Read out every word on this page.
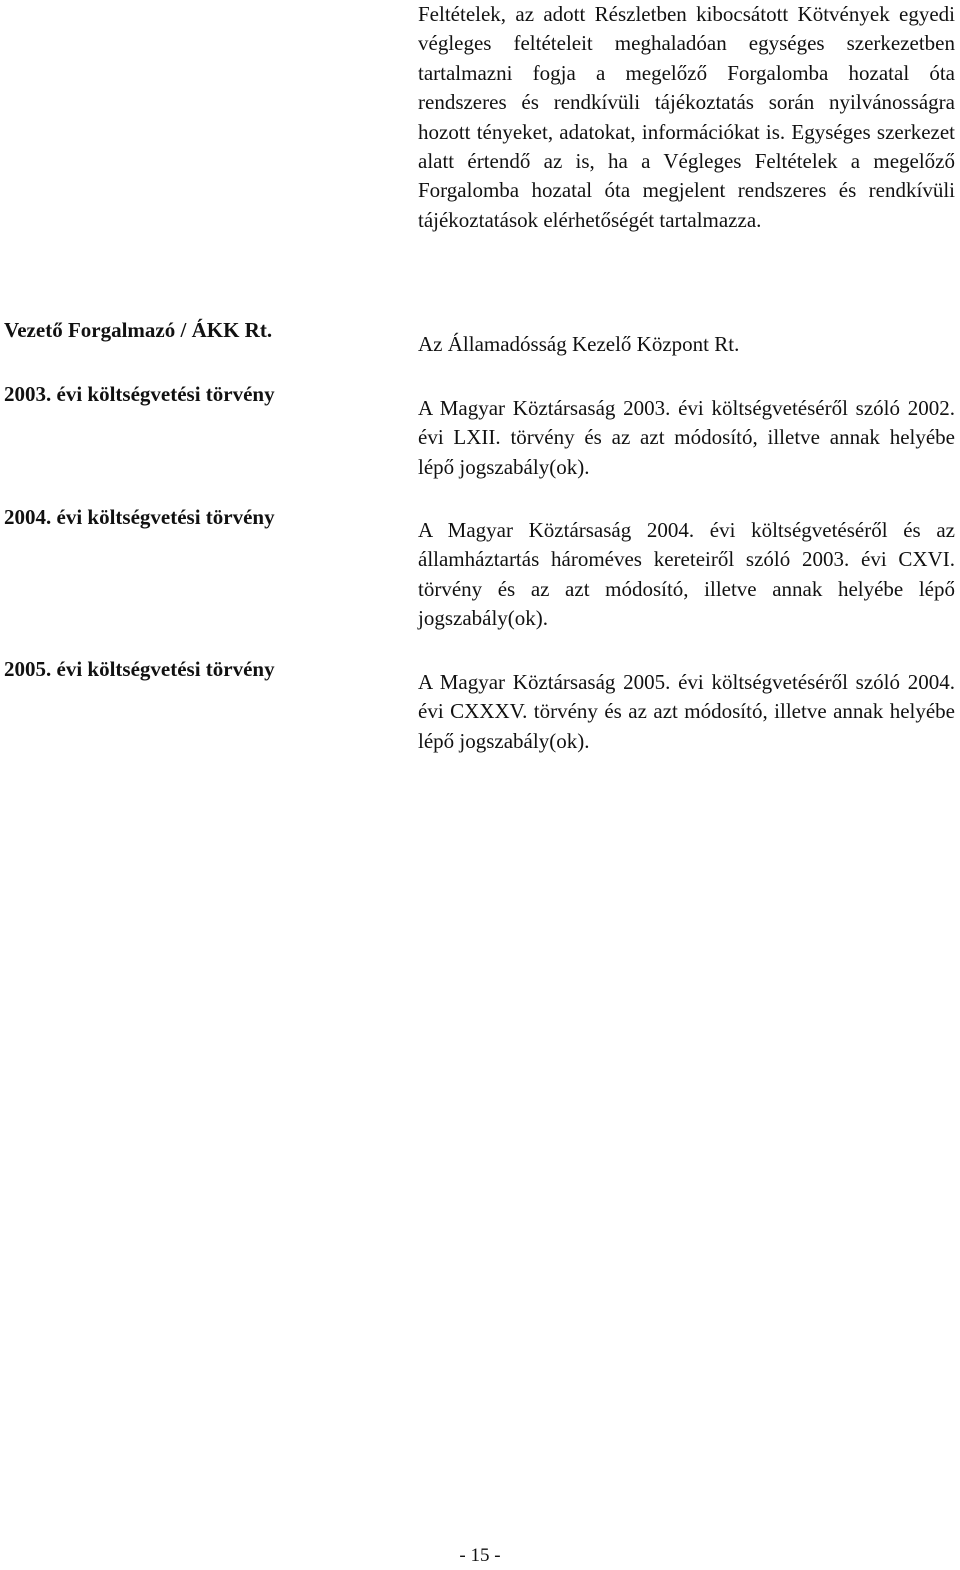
Feltételek, az adott Részletben kibocsátott Kötvények egyedi végleges feltételeit meghaladóan egységes szerkezetben tartalmazni fogja a megelőző Forgalomba hozatal óta rendszeres és rendkívüli tájékoztatás során nyilvánosságra hozott tényeket, adatokat, információkat is. Egységes szerkezet alatt értendő az is, ha a Végleges Feltételek a megelőző Forgalomba hozatal óta megjelent rendszeres és rendkívüli tájékoztatások elérhetőségét tartalmazza.

Vezető Forgalmazó / ÁKK Rt.

Az Államadósság Kezelő Központ Rt.

2003. évi költségvetési törvény

A Magyar Köztársaság 2003. évi költségvetéséről szóló 2002. évi LXII. törvény és az azt módosító, illetve annak helyébe lépő jogszabály(ok).

2004. évi költségvetési törvény

A Magyar Köztársaság 2004. évi költségvetéséről és az államháztartás hároméves kereteiről szóló 2003. évi CXVI. törvény és az azt módosító, illetve annak helyébe lépő jogszabály(ok).

2005. évi költségvetési törvény

A Magyar Köztársaság 2005. évi költségvetéséről szóló 2004. évi CXXXV. törvény és az azt módosító, illetve annak helyébe lépő jogszabály(ok).

- 15 -
